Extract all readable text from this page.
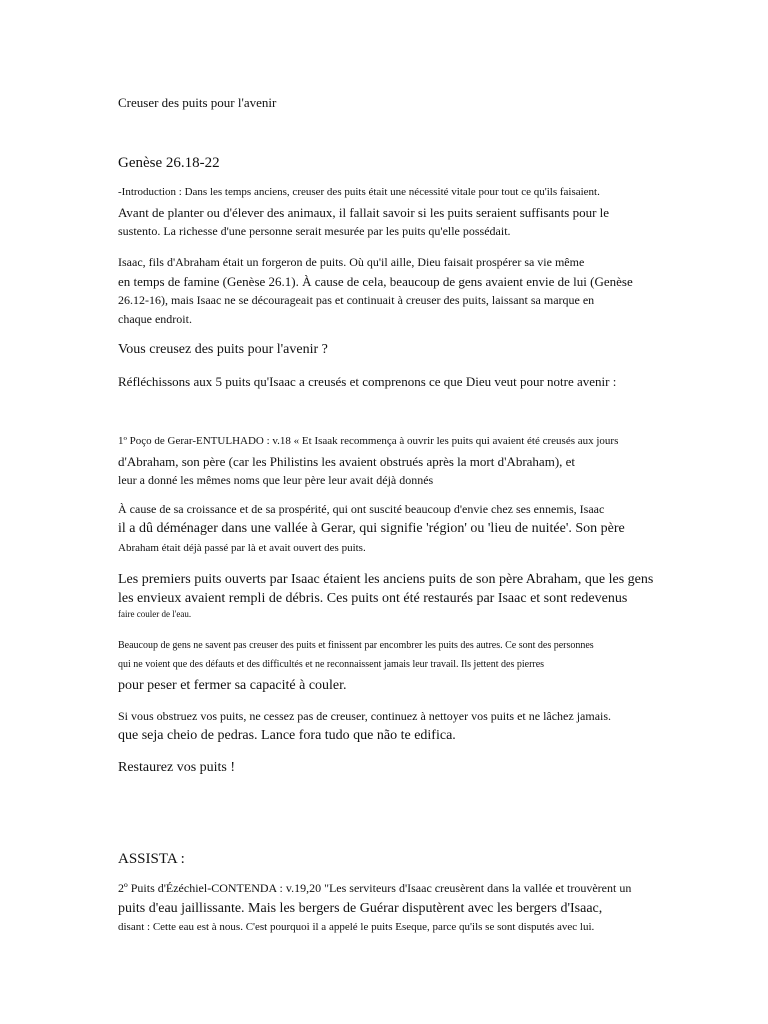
Creuser des puits pour l'avenir
Genèse 26.18-22
-Introduction : Dans les temps anciens, creuser des puits était une nécessité vitale pour tout ce qu'ils faisaient.
Avant de planter ou d'élever des animaux, il fallait savoir si les puits seraient suffisants pour le
sustento. La richesse d'une personne serait mesurée par les puits qu'elle possédait.
Isaac, fils d'Abraham était un forgeron de puits. Où qu'il aille, Dieu faisait prospérer sa vie même
en temps de famine (Genèse 26.1). À cause de cela, beaucoup de gens avaient envie de lui (Genèse
26.12-16), mais Isaac ne se décourageait pas et continuait à creuser des puits, laissant sa marque en
chaque endroit.
Vous creusez des puits pour l'avenir ?
Réfléchissons aux 5 puits qu'Isaac a creusés et comprenons ce que Dieu veut pour notre avenir :
1º Poço de Gerar-ENTULHADO : v.18 « Et Isaak recommença à ouvrir les puits qui avaient été creusés aux jours
d'Abraham, son père (car les Philistins les avaient obstrués après la mort d'Abraham), et
leur a donné les mêmes noms que leur père leur avait déjà donnés
À cause de sa croissance et de sa prospérité, qui ont suscité beaucoup d'envie chez ses ennemis, Isaac
il a dû déménager dans une vallée à Gerar, qui signifie 'région' ou 'lieu de nuitée'. Son père
Abraham était déjà passé par là et avait ouvert des puits.
Les premiers puits ouverts par Isaac étaient les anciens puits de son père Abraham, que les gens
les envieux avaient rempli de débris. Ces puits ont été restaurés par Isaac et sont redevenus
faire couler de l'eau.
Beaucoup de gens ne savent pas creuser des puits et finissent par encombrer les puits des autres. Ce sont des personnes
qui ne voient que des défauts et des difficultés et ne reconnaissent jamais leur travail. Ils jettent des pierres
pour peser et fermer sa capacité à couler.
Si vous obstruez vos puits, ne cessez pas de creuser, continuez à nettoyer vos puits et ne lâchez jamais.
que seja cheio de pedras. Lance fora tudo que não te edifica.
Restaurez vos puits !
ASSISTA :
2º Puits d'Ézéchiel-CONTENDA : v.19,20 "Les serviteurs d'Isaac creusèrent dans la vallée et trouvèrent un
puits d'eau jaillissante. Mais les bergers de Guérar disputèrent avec les bergers d'Isaac,
disant : Cette eau est à nous. C'est pourquoi il a appelé le puits Eseque, parce qu'ils se sont disputés avec lui.
